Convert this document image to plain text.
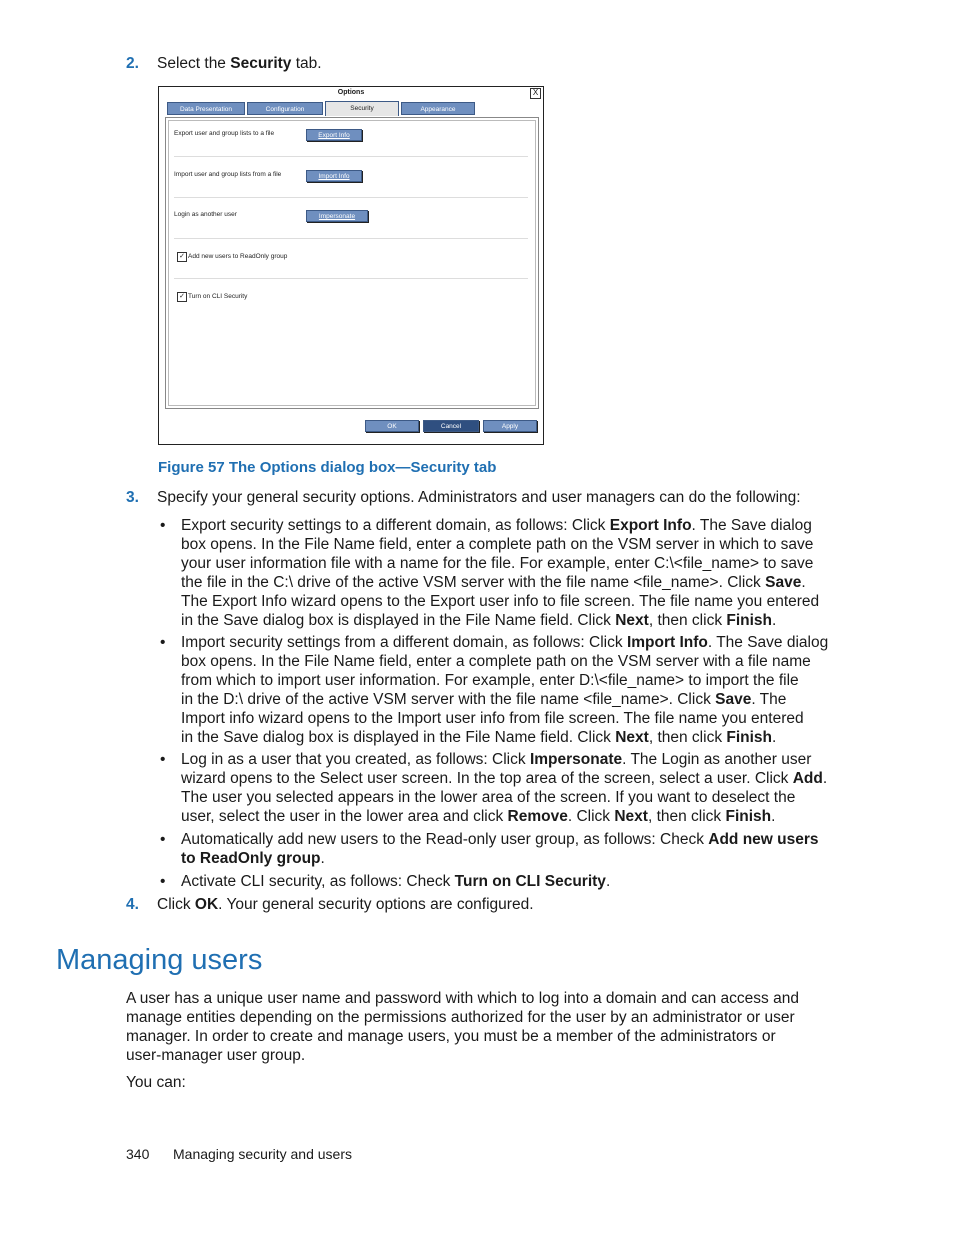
2. Select the Security tab.
Options	X
Data Presentation	Configuration	Security	Appearance
Export user and group lists to a file	Export Info
Import user and group lists from a file	Import Info
Login as another user	Impersonate
✓ Add new users to ReadOnly group
✓ Turn on CLI Security
OK	Cancel	Apply
Figure 57 The Options dialog box—Security tab
3. Specify your general security options. Administrators and user managers can do the following:
• Export security settings to a different domain, as follows: Click Export Info. The Save dialog
box opens. In the File Name field, enter a complete path on the VSM server in which to save
your user information file with a name for the file. For example, enter C:\<file_name> to save
the file in the C:\ drive of the active VSM server with the file name <file_name>. Click Save.
The Export Info wizard opens to the Export user info to file screen. The file name you entered
in the Save dialog box is displayed in the File Name field. Click Next, then click Finish.
• Import security settings from a different domain, as follows: Click Import Info. The Save dialog
box opens. In the File Name field, enter a complete path on the VSM server with a file name
from which to import user information. For example, enter D:\<file_name> to import the file
in the D:\ drive of the active VSM server with the file name <file_name>. Click Save. The
Import info wizard opens to the Import user info from file screen. The file name you entered
in the Save dialog box is displayed in the File Name field. Click Next, then click Finish.
• Log in as a user that you created, as follows: Click Impersonate. The Login as another user
wizard opens to the Select user screen. In the top area of the screen, select a user. Click Add.
The user you selected appears in the lower area of the screen. If you want to deselect the
user, select the user in the lower area and click Remove. Click Next, then click Finish.
• Automatically add new users to the Read-only user group, as follows: Check Add new users
to ReadOnly group.
• Activate CLI security, as follows: Check Turn on CLI Security.
4. Click OK. Your general security options are configured.
Managing users
A user has a unique user name and password with which to log into a domain and can access and
manage entities depending on the permissions authorized for the user by an administrator or user
manager. In order to create and manage users, you must be a member of the administrators or
user-manager user group.
You can:
340 Managing security and users
